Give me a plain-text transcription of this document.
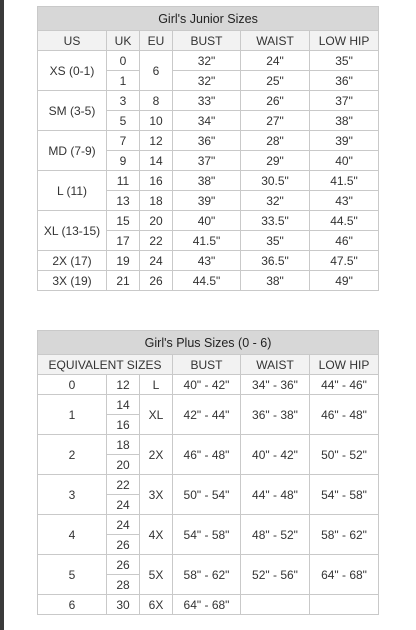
Girl's Junior Sizes					
US	UK	EU	BUST	WAIST	LOW HIP
XS (0-1)	0	6	32"	24"	35"
	1		32"	25"	36"
SM (3-5)	3	8	33"	26"	37"
	5	10	34"	27"	38"
MD (7-9)	7	12	36"	28"	39"
	9	14	37"	29"	40"
L (11)	11	16	38"	30.5"	41.5"
	13	18	39"	32"	43"
XL (13-15)	15	20	40"	33.5"	44.5"
	17	22	41.5"	35"	46"
2X (17)	19	24	43"	36.5"	47.5"
3X (19)	21	26	44.5"	38"	49"
Girl's Plus Sizes (0 - 6)					
EQUIVALENT SIZES			BUST	WAIST	LOW HIP
0	12	L	40" - 42"	34" - 36"	44" - 46"
1	14	XL	42" - 44"	36" - 38"	46" - 48"
	16				
2	18	2X	46" - 48"	40" - 42"	50" - 52"
	20				
3	22	3X	50" - 54"	44" - 48"	54" - 58"
	24				
4	24	4X	54" - 58"	48" - 52"	58" - 62"
	26				
5	26	5X	58" - 62"	52" - 56"	64" - 68"
	28				
6	30	6X	64" - 68"		
